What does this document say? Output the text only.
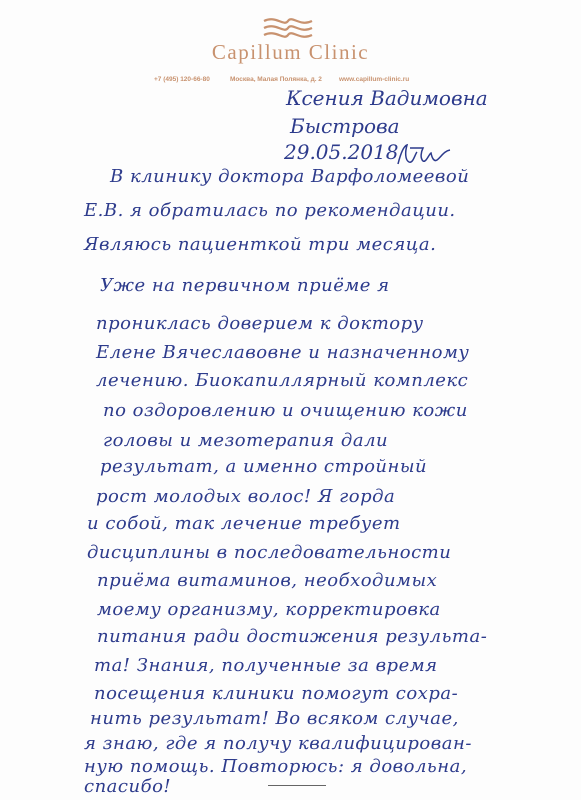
Capillum Clinic
+7 (495) 120-66-80	Москва, Малая Полянка, д. 2	www.capillum-clinic.ru
Ксения Вадимовна
Быстрова
29.05.2018
В клинику доктора Варфоломеевой
Е.В. я обратилась по рекомендации.
Являюсь пациенткой три месяца.
Уже на первичном приёме я
прониклась доверием к доктору
Елене Вячеславовне и назначенному
лечению. Биокапиллярный комплекс
по оздоровлению и очищению кожи
головы и мезотерапия дали
результат, а именно стройный
рост молодых волос! Я горда
и собой, так лечение требует
дисциплины в последовательности
приёма витаминов, необходимых
моему организму, корректировка
питания ради достижения результа-
та! Знания, полученные за время
посещения клиники помогут сохра-
нить результат! Во всяком случае,
я знаю, где я получу квалифицирован-
ную помощь. Повторюсь: я довольна,
спасибо!
